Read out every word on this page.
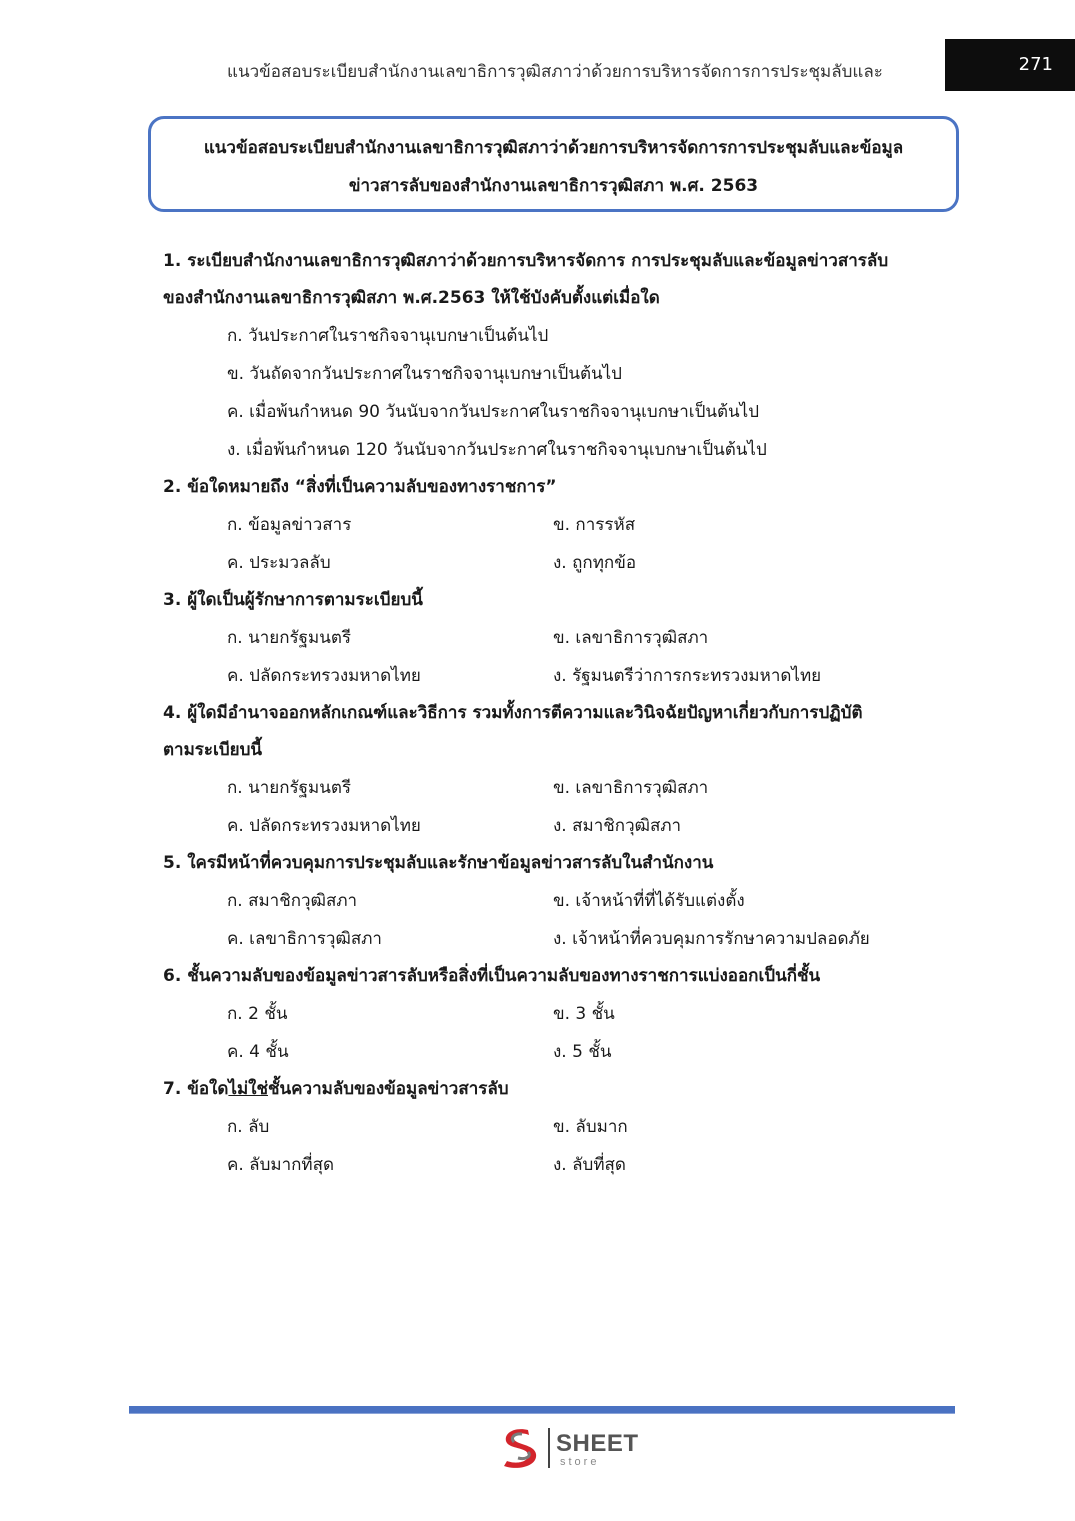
แนวข้อสอบระเบียบสำนักงานเลขาธิการวุฒิสภาว่าด้วยการบริหารจัดการการประชุมลับและ	271
แนวข้อสอบระเบียบสำนักงานเลขาธิการวุฒิสภาว่าด้วยการบริหารจัดการการประชุมลับและข้อมูล
ข่าวสารลับของสำนักงานเลขาธิการวุฒิสภา พ.ศ. 2563
1. ระเบียบสำนักงานเลขาธิการวุฒิสภาว่าด้วยการบริหารจัดการ การประชุมลับและข้อมูลข่าวสารลับ
ของสำนักงานเลขาธิการวุฒิสภา พ.ศ.2563 ให้ใช้บังคับตั้งแต่เมื่อใด
ก. วันประกาศในราชกิจจานุเบกษาเป็นต้นไป
ข. วันถัดจากวันประกาศในราชกิจจานุเบกษาเป็นต้นไป
ค. เมื่อพ้นกำหนด 90 วันนับจากวันประกาศในราชกิจจานุเบกษาเป็นต้นไป
ง. เมื่อพ้นกำหนด 120 วันนับจากวันประกาศในราชกิจจานุเบกษาเป็นต้นไป
2. ข้อใดหมายถึง “สิ่งที่เป็นความลับของทางราชการ”
ก. ข้อมูลข่าวสาร	ข. การรหัส
ค. ประมวลลับ	ง. ถูกทุกข้อ
3. ผู้ใดเป็นผู้รักษาการตามระเบียบนี้
ก. นายกรัฐมนตรี	ข. เลขาธิการวุฒิสภา
ค. ปลัดกระทรวงมหาดไทย	ง. รัฐมนตรีว่าการกระทรวงมหาดไทย
4. ผู้ใดมีอำนาจออกหลักเกณฑ์และวิธีการ รวมทั้งการตีความและวินิจฉัยปัญหาเกี่ยวกับการปฏิบัติ
ตามระเบียบนี้
ก. นายกรัฐมนตรี	ข. เลขาธิการวุฒิสภา
ค. ปลัดกระทรวงมหาดไทย	ง. สมาชิกวุฒิสภา
5. ใครมีหน้าที่ควบคุมการประชุมลับและรักษาข้อมูลข่าวสารลับในสำนักงาน
ก. สมาชิกวุฒิสภา	ข. เจ้าหน้าที่ที่ได้รับแต่งตั้ง
ค. เลขาธิการวุฒิสภา	ง. เจ้าหน้าที่ควบคุมการรักษาความปลอดภัย
6. ชั้นความลับของข้อมูลข่าวสารลับหรือสิ่งที่เป็นความลับของทางราชการแบ่งออกเป็นกี่ชั้น
ก. 2 ชั้น	ข. 3 ชั้น
ค. 4 ชั้น	ง. 5 ชั้น
7. ข้อใดไม่ใช่ชั้นความลับของข้อมูลข่าวสารลับ
ก. ลับ	ข. ลับมาก
ค. ลับมากที่สุด	ง. ลับที่สุด
SHEET
store
